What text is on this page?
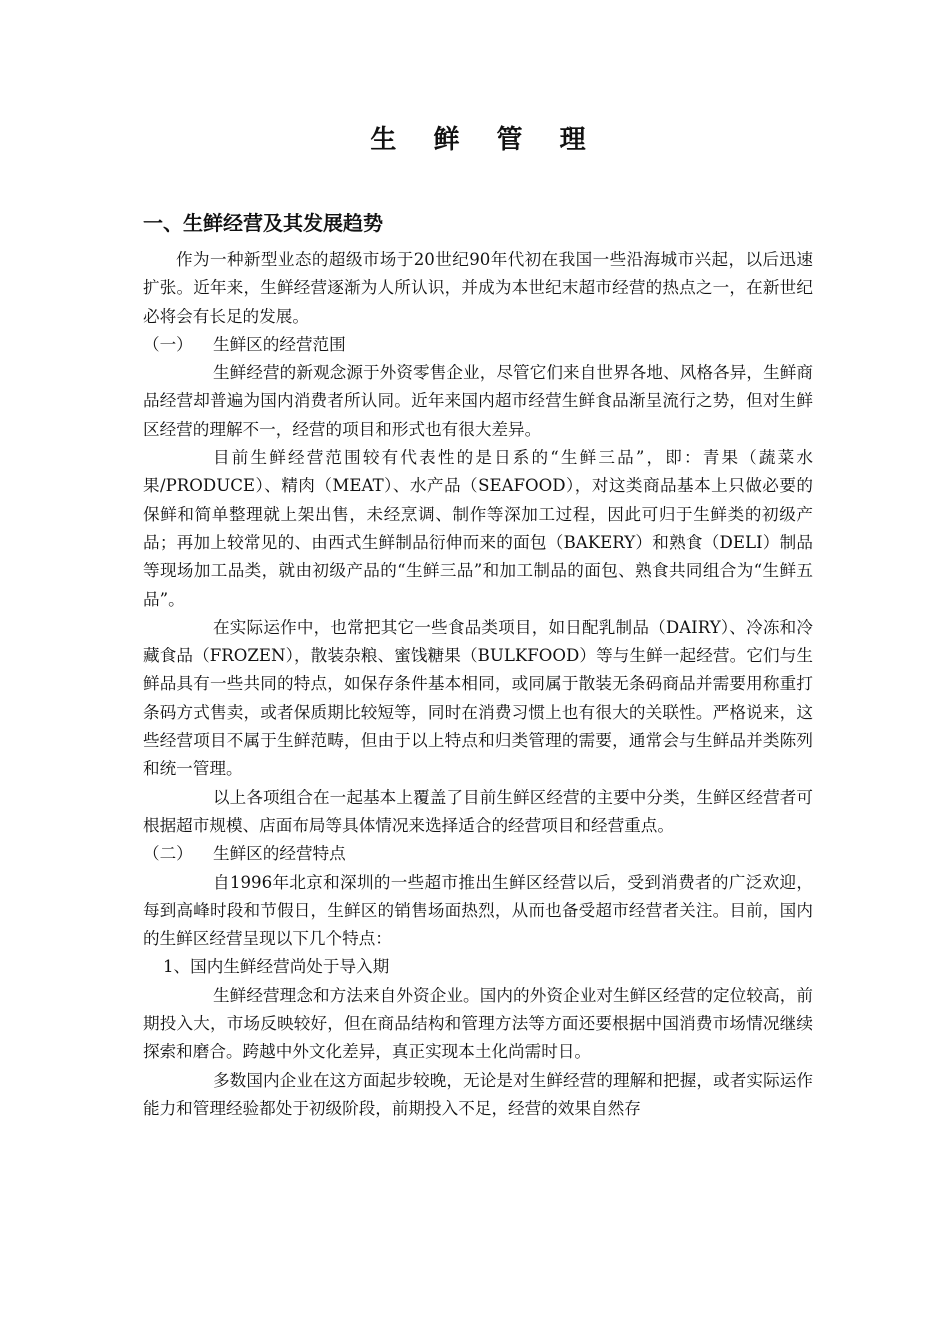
生 鲜 管 理
一、生鲜经营及其发展趋势

作为一种新型业态的超级市场于20世纪90年代初在我国一些沿海城市兴起，以后迅速扩张。近年来，生鲜经营逐渐为人所认识，并成为本世纪末超市经营的热点之一，在新世纪必将会有长足的发展。

（一） 生鲜区的经营范围

生鲜经营的新观念源于外资零售企业，尽管它们来自世界各地、风格各异，生鲜商品经营却普遍为国内消费者所认同。近年来国内超市经营生鲜食品渐呈流行之势，但对生鲜区经营的理解不一，经营的项目和形式也有很大差异。

目前生鲜经营范围较有代表性的是日系的“生鲜三品”，即：青果（蔬菜水果/PRODUCE）、精肉（MEAT）、水产品（SEAFOOD），对这类商品基本上只做必要的保鲜和简单整理就上架出售，未经烹调、制作等深加工过程，因此可归于生鲜类的初级产品；再加上较常见的、由西式生鲜制品衍伸而来的面包（BAKERY）和熟食（DELI）制品等现场加工品类，就由初级产品的“生鲜三品”和加工制品的面包、熟食共同组合为“生鲜五品”。

在实际运作中，也常把其它一些食品类项目，如日配乳制品（DAIRY）、冷冻和冷藏食品（FROZEN），散装杂粮、蜜饯糖果（BULKFOOD）等与生鲜一起经营。它们与生鲜品具有一些共同的特点，如保存条件基本相同，或同属于散装无条码商品并需要用称重打条码方式售卖，或者保质期比较短等，同时在消费习惯上也有很大的关联性。严格说来，这些经营项目不属于生鲜范畴，但由于以上特点和归类管理的需要，通常会与生鲜品并类陈列和统一管理。

以上各项组合在一起基本上覆盖了目前生鲜区经营的主要中分类，生鲜区经营者可根据超市规模、店面布局等具体情况来选择适合的经营项目和经营重点。

（二） 生鲜区的经营特点

自1996年北京和深圳的一些超市推出生鲜区经营以后，受到消费者的广泛欢迎，每到高峰时段和节假日，生鲜区的销售场面热烈，从而也备受超市经营者关注。目前，国内的生鲜区经营呈现以下几个特点：

1、国内生鲜经营尚处于导入期

生鲜经营理念和方法来自外资企业。国内的外资企业对生鲜区经营的定位较高，前期投入大，市场反映较好，但在商品结构和管理方法等方面还要根据中国消费市场情况继续探索和磨合。跨越中外文化差异，真正实现本土化尚需时日。

多数国内企业在这方面起步较晚，无论是对生鲜经营的理解和把握，或者实际运作能力和管理经验都处于初级阶段，前期投入不足，经营的效果自然存
